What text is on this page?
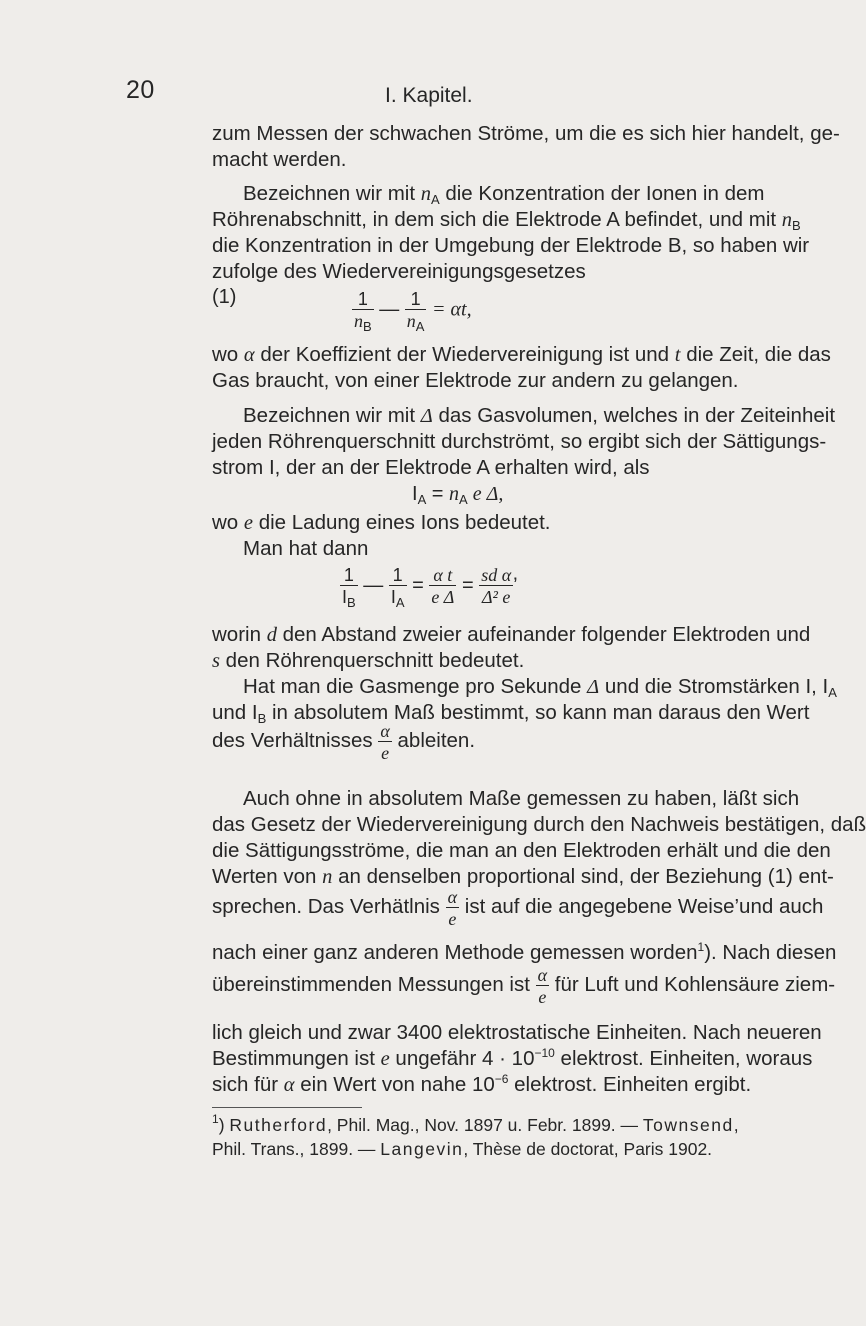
20	I. Kapitel.
zum Messen der schwachen Ströme, um die es sich hier handelt, ge-
macht werden.
Bezeichnen wir mit $n_A$ die Konzentration der Ionen in dem
Röhrenabschnitt, in dem sich die Elektrode A befindet, und mit $n_B$
die Konzentration in der Umgebung der Elektrode B, so haben wir
zufolge des Wiedervereinigungsgesetzes
(1)	$\frac{1}{n_B}$ — $\frac{1}{n_A} = \alpha t$,
wo α der Koeffizient der Wiedervereinigung ist und t die Zeit, die das
Gas braucht, von einer Elektrode zur andern zu gelangen.
Bezeichnen wir mit Δ das Gasvolumen, welches in der Zeiteinheit
jeden Röhrenquerschnitt durchströmt, so ergibt sich der Sättigungs-
strom I, der an der Elektrode A erhalten wird, als
$I_A = n_A$ e Δ,
wo e die Ladung eines Ions bedeutet.
Man hat dann
$\frac{1}{I_B}$ — $\frac{1}{I_A} = \frac{\text{α t}}{\text{e Δ}} = \frac{\text{sd α}}{\text{Δ² e}}$ ’
worin d den Abstand zweier aufeinander folgender Elektroden und
s den Röhrenquerschnitt bedeutet.
Hat man die Gasmenge pro Sekunde Δ und die Stromstärken I, $I_A$
und $I_B$ in absolutem Maß bestimmt, so kann man daraus den Wert
des Verhältnisses $\frac{\alpha}{e}$ ableiten.
Auch ohne in absolutem Maße gemessen zu haben, läßt sich
das Gesetz der Wiedervereinigung durch den Nachweis bestätigen, daß
die Sättigungsströme, die man an den Elektroden erhält und die den
Werten von n an denselben proportional sind, der Beziehung (1) ent-
sprechen. Das Verhätlnis $\frac{\alpha}{e}$ ist auf die angegebene Weise’und auch
nach einer ganz anderen Methode gemessen worden$^1$). Nach diesen
übereinstimmenden Messungen ist $\frac{\alpha}{e}$ für Luft und Kohlensäure ziem-
lich gleich und zwar 3400 elektrostatische Einheiten. Nach neueren
Bestimmungen ist e ungefähr $4 \cdot 10^{-10}$ elektrost. Einheiten, woraus
sich für α ein Wert von nahe $10^{-6}$ elektrost. Einheiten ergibt.
$^1$) Rutherford, Phil. Mag., Nov. 1897 u. Febr. 1899. — Townsend,
Phil. Trans., 1899. — Langevin, Thèse de doctorat, Paris 1902.
